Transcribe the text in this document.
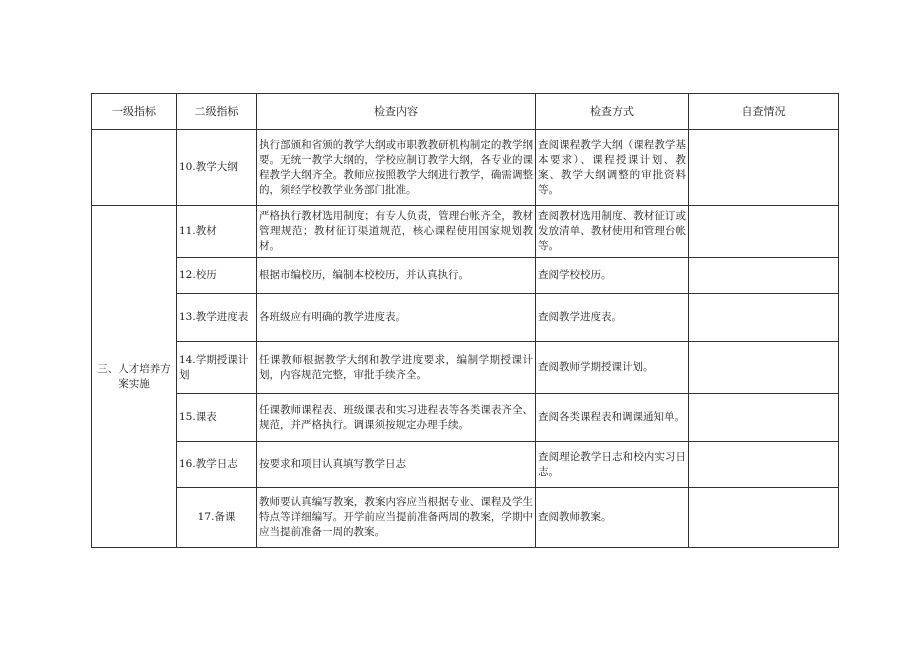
一级指标	二级指标	检查内容	检查方式	自查情况
	10.教学大纲	执行部颁和省颁的教学大纲或市职教教研机构制定的教学纲要。无统一教学大纲的，学校应制订教学大纲，各专业的课程教学大纲齐全。教师应按照教学大纲进行教学，确需调整的，须经学校教学业务部门批准。	查阅课程教学大纲（课程教学基本要求）、课程授课计划、教案、教学大纲调整的审批资料等。	
三、人才培养方案实施	11.教材	严格执行教材选用制度；有专人负责，管理台帐齐全，教材管理规范；教材征订渠道规范，核心课程使用国家规划教材。	查阅教材选用制度、教材征订或发放清单、教材使用和管理台帐等。	
	12.校历	根据市编校历，编制本校校历，并认真执行。	查阅学校校历。	
	13.教学进度表	各班级应有明确的教学进度表。	查阅教学进度表。	
	14.学期授课计划	任课教师根据教学大纲和教学进度要求，编制学期授课计划，内容规范完整，审批手续齐全。	查阅教师学期授课计划。	
	15.课表	任课教师课程表、班级课表和实习进程表等各类课表齐全、规范，并严格执行。调课须按规定办理手续。	查阅各类课程表和调课通知单。	
	16.教学日志	按要求和项目认真填写教学日志	查阅理论教学日志和校内实习日志。	
	17.备课	教师要认真编写教案，教案内容应当根据专业、课程及学生特点等详细编写。开学前应当提前准备两周的教案，学期中应当提前准备一周的教案。	查阅教师教案。	
